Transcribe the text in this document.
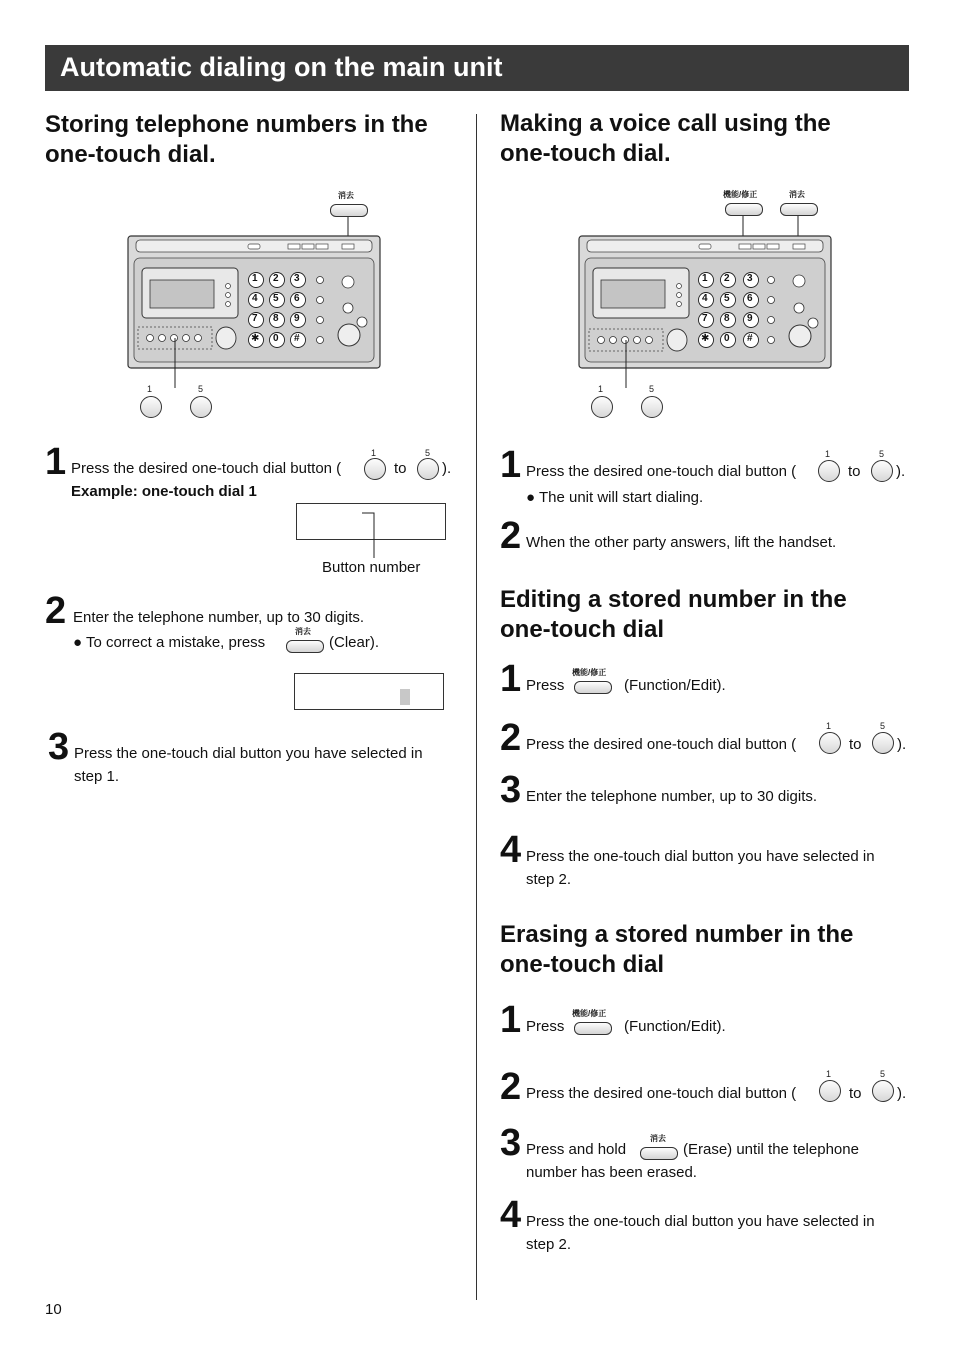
Automatic dialing on the main unit
Storing telephone numbers in the
one-touch dial.
消去
1	5
1 2 3
4 5 6
7 8 9
✱ 0 #
1 Press the desired one-touch dial button (
1
to
5
).
Example: one-touch dial 1
Button number
2 Enter the telephone number, up to 30 digits.
● To correct a mistake, press
消去
(Clear).
3 Press the one-touch dial button you have selected in
step 1.
Making a voice call using the
one-touch dial.
機能/修正	消去
1	5
1 2 3
4 5 6
7 8 9
✱ 0 #
1 Press the desired one-touch dial button (
1
to
5
).
● The unit will start dialing.
2 When the other party answers, lift the handset.
Editing a stored number in the
one-touch dial
1 Press
機能/修正
(Function/Edit).
2 Press the desired one-touch dial button (
1
to
5
).
3 Enter the telephone number, up to 30 digits.
4 Press the one-touch dial button you have selected in
step 2.
Erasing a stored number in the
one-touch dial
1 Press
機能/修正
(Function/Edit).
2 Press the desired one-touch dial button (
1
to
5
).
3 Press and hold
消去
(Erase) until the telephone
number has been erased.
4 Press the one-touch dial button you have selected in
step 2.
10
